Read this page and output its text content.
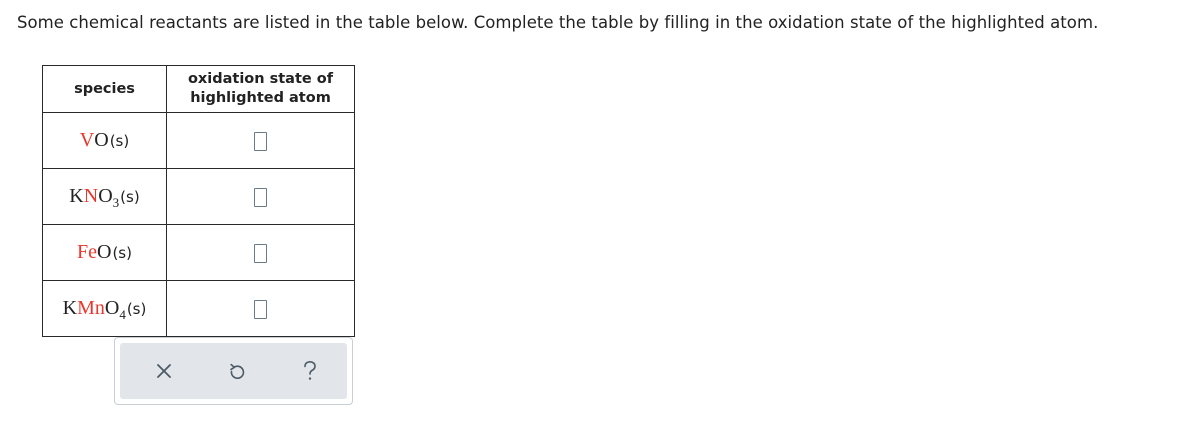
Some chemical reactants are listed in the table below. Complete the table by filling in the oxidation state of the highlighted atom.
species	oxidation state of
highlighted atom
VO(s)	
$KNO_3(s)$	
FeO(s)	
KMnO$_4$(s)	
